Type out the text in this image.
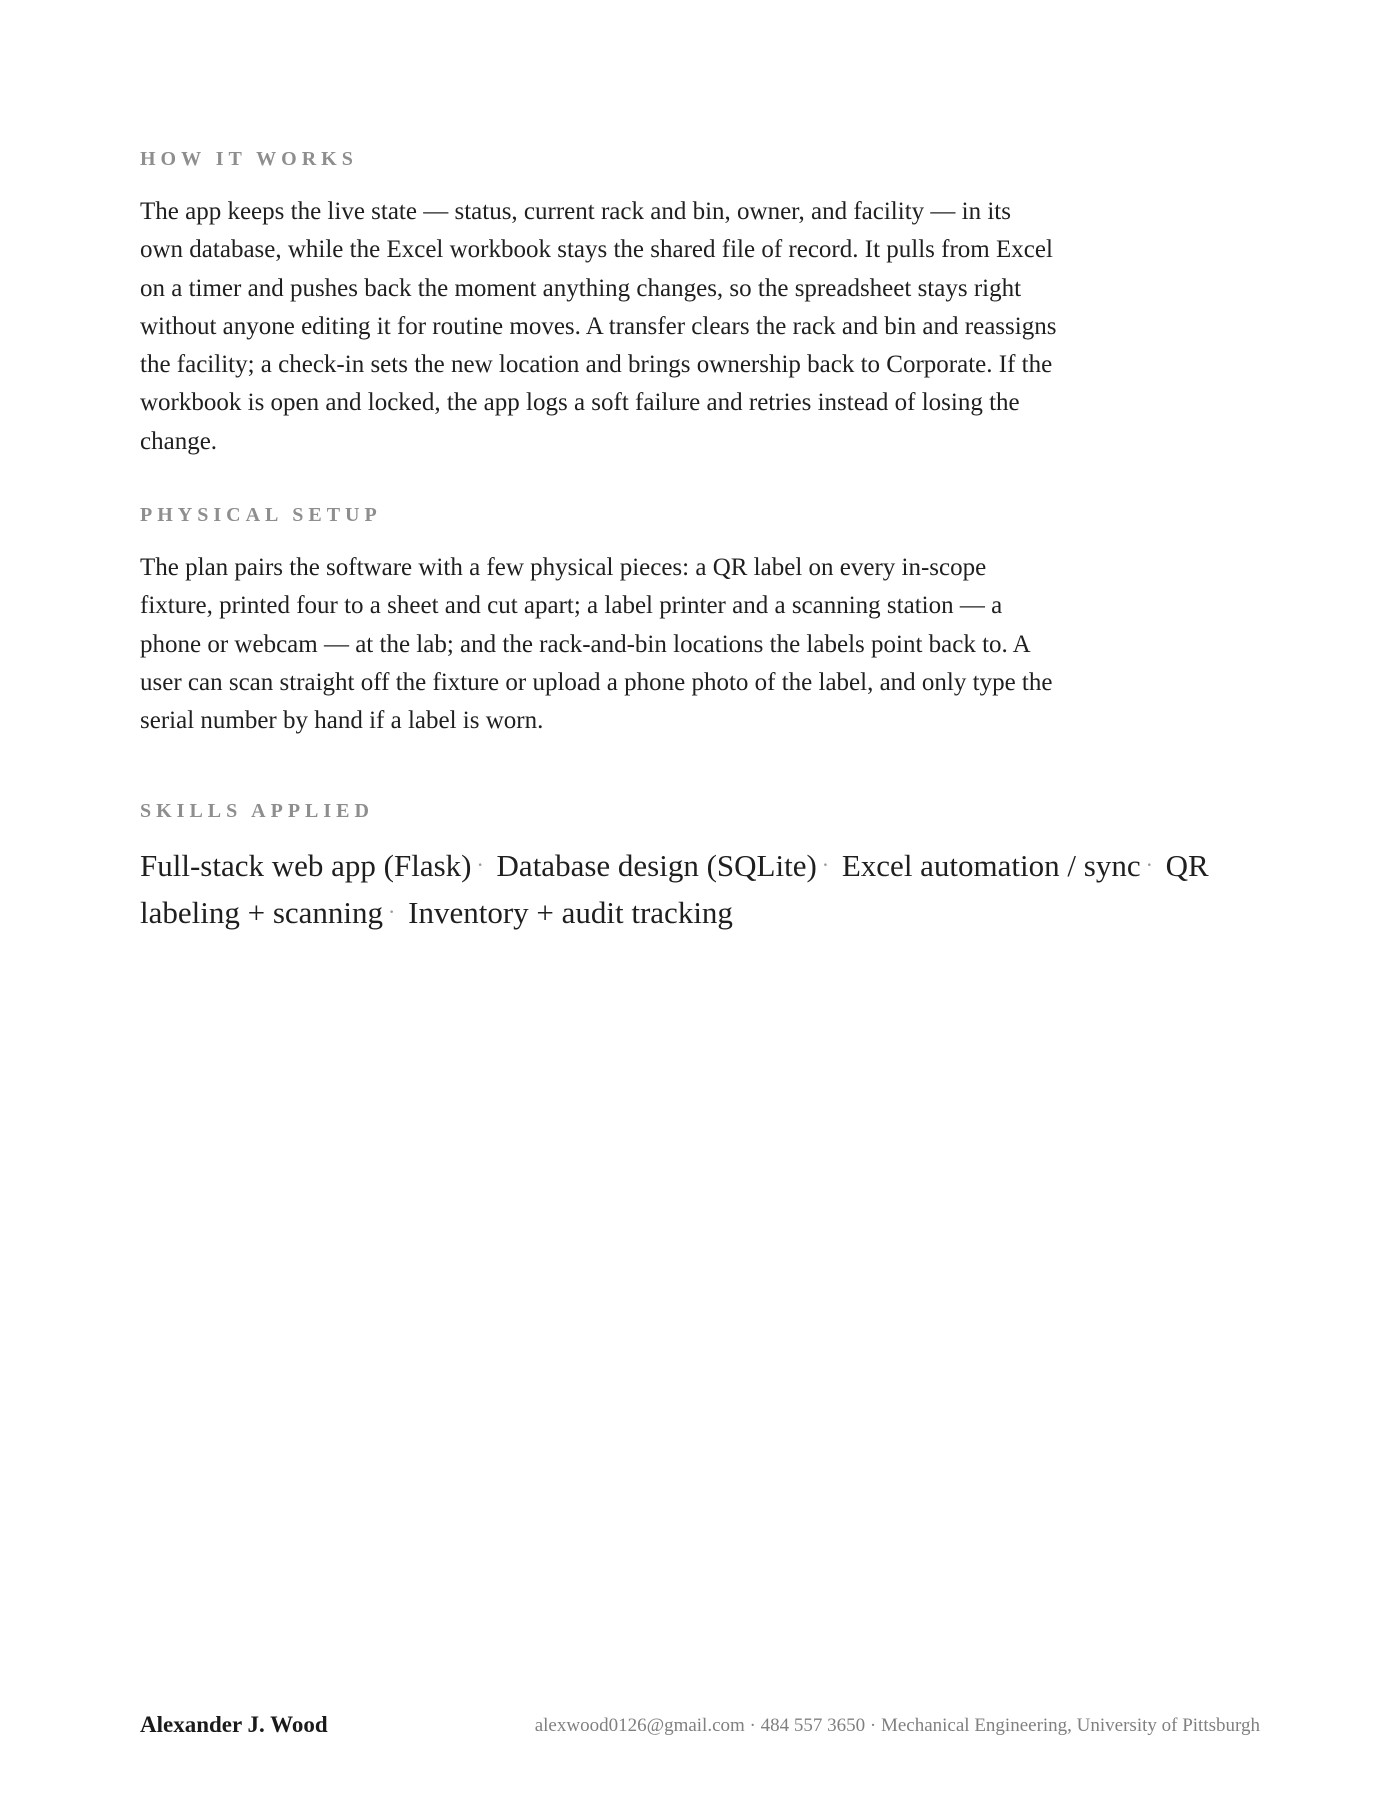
HOW IT WORKS

The app keeps the live state — status, current rack and bin, owner, and facility — in its own database, while the Excel workbook stays the shared file of record. It pulls from Excel on a timer and pushes back the moment anything changes, so the spreadsheet stays right without anyone editing it for routine moves. A transfer clears the rack and bin and reassigns the facility; a check-in sets the new location and brings ownership back to Corporate. If the workbook is open and locked, the app logs a soft failure and retries instead of losing the change.

PHYSICAL SETUP

The plan pairs the software with a few physical pieces: a QR label on every in-scope fixture, printed four to a sheet and cut apart; a label printer and a scanning station — a phone or webcam — at the lab; and the rack-and-bin locations the labels point back to. A user can scan straight off the fixture or upload a phone photo of the label, and only type the serial number by hand if a label is worn.

SKILLS APPLIED

Full-stack web app (Flask) · Database design (SQLite) · Excel automation / sync · QR labeling + scanning · Inventory + audit tracking

Alexander J. Wood	alexwood0126@gmail.com · 484 557 3650 · Mechanical Engineering, University of Pittsburgh
